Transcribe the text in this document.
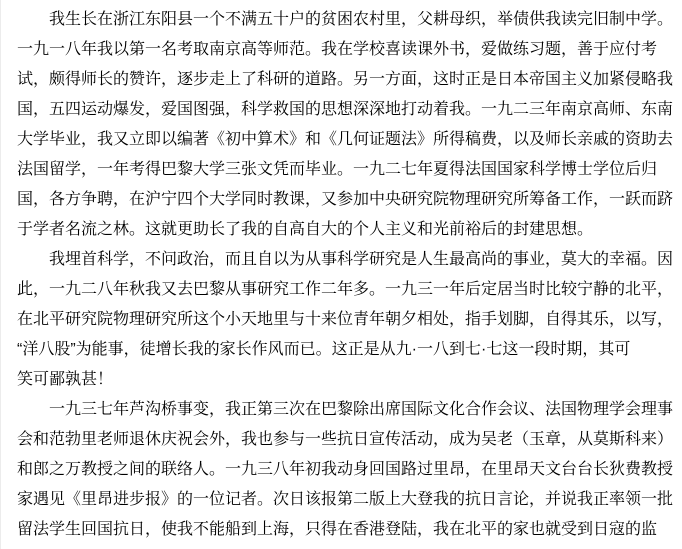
我生长在浙江东阳县一个不满五十户的贫困农村里，父耕母织，举债供我读完旧制中学。
一九一八年我以第一名考取南京高等师范。我在学校喜读课外书，爱做练习题，善于应付考
试，颇得师长的赞许，逐步走上了科研的道路。另一方面，这时正是日本帝国主义加紧侵略我
国，五四运动爆发，爱国图强，科学救国的思想深深地打动着我。一九二三年南京高师、东南
大学毕业，我又立即以编著《初中算术》和《几何证题法》所得稿费，以及师长亲戚的资助去
法国留学，一年考得巴黎大学三张文凭而毕业。一九二七年夏得法国国家科学博士学位后归
国，各方争聘，在沪宁四个大学同时教课，又参加中央研究院物理研究所筹备工作，一跃而跻
于学者名流之林。这就更助长了我的自高自大的个人主义和光前裕后的封建思想。

我埋首科学，不问政治，而且自以为从事科学研究是人生最高尚的事业，莫大的幸福。因
此，一九二八年秋我又去巴黎从事研究工作二年多。一九三一年后定居当时比较宁静的北平，
在北平研究院物理研究所这个小天地里与十来位青年朝夕相处，指手划脚，自得其乐，以写，
“洋八股”为能事，徒增长我的家长作风而已。这正是从九·一八到七·七这一段时期，其可
笑可鄙孰甚！

一九三七年芦沟桥事变，我正第三次在巴黎除出席国际文化合作会议、法国物理学会理事
会和范勃里老师退休庆祝会外，我也参与一些抗日宣传活动，成为吴老（玉章，从莫斯科来）
和郎之万教授之间的联络人。一九三八年初我动身回国路过里昂，在里昂天文台台长狄费教授
家遇见《里昂进步报》的一位记者。次日该报第二版上大登我的抗日言论，并说我正率领一批
留法学生回国抗日，使我不能船到上海，只得在香港登陆，我在北平的家也就受到日寇的监
